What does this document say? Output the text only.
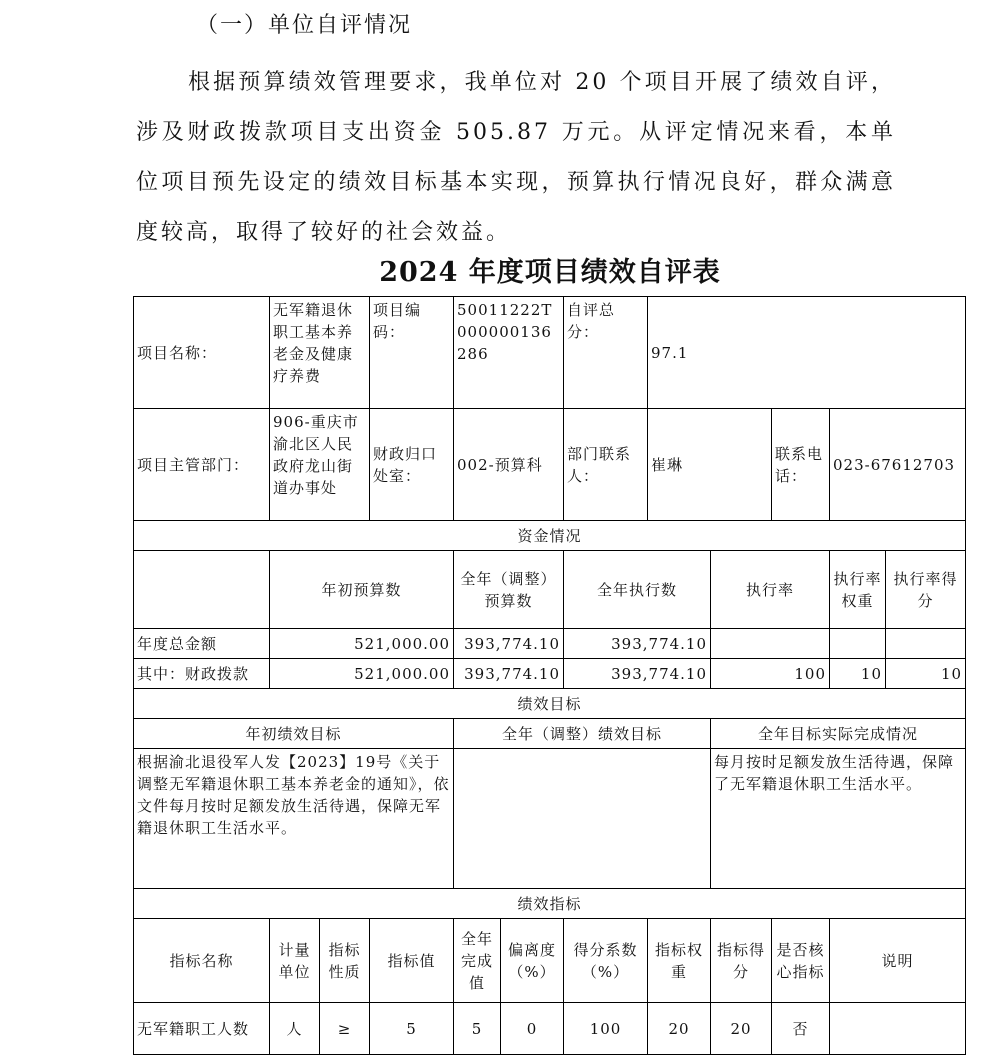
（一）单位自评情况
根据预算绩效管理要求，我单位对 20 个项目开展了绩效自评，涉及财政拨款项目支出资金 505.87 万元。从评定情况来看，本单位项目预先设定的绩效目标基本实现，预算执行情况良好，群众满意度较高，取得了较好的社会效益。
2024 年度项目绩效自评表
项目名称：	无军籍退休职工基本养老金及健康疗养费		项目编码：	50011222T000000136286		自评总分：	97.1				
项目主管部门：	906-重庆市渝北区人民政府龙山街道办事处		财政归口处室：	002-预算科		部门联系人：	崔琳		联系电话：	023-67612703	
资金情况											
	年初预算数			全年（调整）预算数		全年执行数		执行率		执行率权重	执行率得分
年度总金额	521,000.00			393,774.10		393,774.10					
其中：财政拨款	521,000.00			393,774.10		393,774.10		100		10	10
绩效目标											
年初绩效目标				全年（调整）绩效目标				全年目标实际完成情况			
根据渝北退役军人发【2023】19号《关于调整无军籍退休职工基本养老金的通知》，依文件每月按时足额发放生活待遇，保障无军籍退休职工生活水平。								每月按时足额发放生活待遇，保障了无军籍退休职工生活水平。			
绩效指标											
指标名称	计量单位	指标性质	指标值	全年完成值	偏离度（%）	得分系数（%）	指标权重	指标得分	是否核心指标	说明	
无军籍职工人数	人	≥	5	5	0	100	20	20	否		
